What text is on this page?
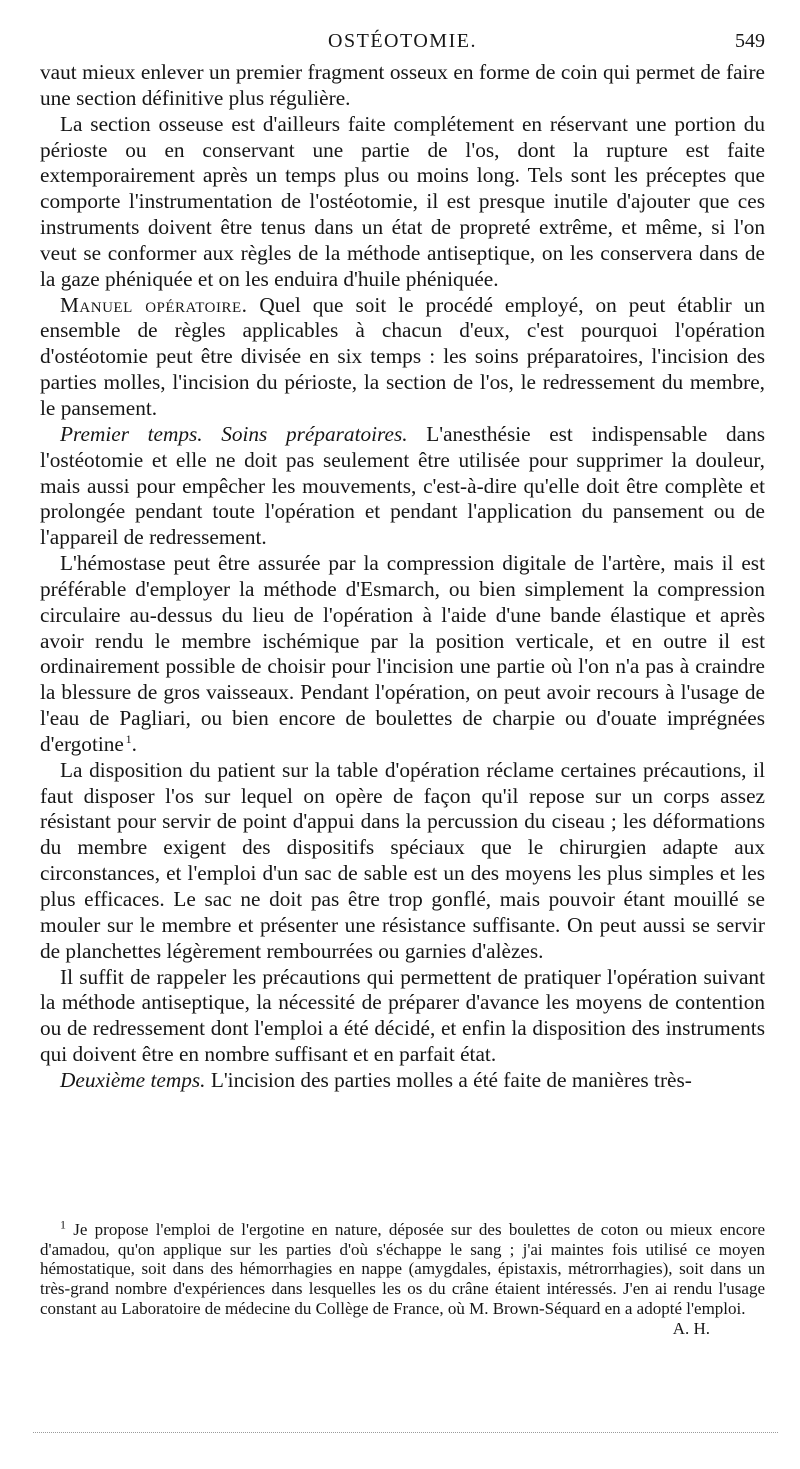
OSTÉOTOMIE.	549

vaut mieux enlever un premier fragment osseux en forme de coin qui permet de faire une section définitive plus régulière.

La section osseuse est d'ailleurs faite complétement en réservant une portion du périoste ou en conservant une partie de l'os, dont la rupture est faite extemporairement après un temps plus ou moins long. Tels sont les préceptes que comporte l'instrumentation de l'ostéotomie, il est presque inutile d'ajouter que ces instruments doivent être tenus dans un état de propreté extrême, et même, si l'on veut se conformer aux règles de la méthode antiseptique, on les conservera dans de la gaze phéniquée et on les enduira d'huile phéniquée.

Manuel opératoire. Quel que soit le procédé employé, on peut établir un ensemble de règles applicables à chacun d'eux, c'est pourquoi l'opération d'ostéotomie peut être divisée en six temps : les soins préparatoires, l'incision des parties molles, l'incision du périoste, la section de l'os, le redressement du membre, le pansement.

Premier temps. Soins préparatoires. L'anesthésie est indispensable dans l'ostéotomie et elle ne doit pas seulement être utilisée pour supprimer la douleur, mais aussi pour empêcher les mouvements, c'est-à-dire qu'elle doit être complète et prolongée pendant toute l'opération et pendant l'application du pansement ou de l'appareil de redressement.

L'hémostase peut être assurée par la compression digitale de l'artère, mais il est préférable d'employer la méthode d'Esmarch, ou bien simplement la compression circulaire au-dessus du lieu de l'opération à l'aide d'une bande élastique et après avoir rendu le membre ischémique par la position verticale, et en outre il est ordinairement possible de choisir pour l'incision une partie où l'on n'a pas à craindre la blessure de gros vaisseaux. Pendant l'opération, on peut avoir recours à l'usage de l'eau de Pagliari, ou bien encore de boulettes de charpie ou d'ouate imprégnées d'ergotine  $^1$.

La disposition du patient sur la table d'opération réclame certaines précautions, il faut disposer l'os sur lequel on opère de façon qu'il repose sur un corps assez résistant pour servir de point d'appui dans la percussion du ciseau ; les déformations du membre exigent des dispositifs spéciaux que le chirurgien adapte aux circonstances, et l'emploi d'un sac de sable est un des moyens les plus simples et les plus efficaces. Le sac ne doit pas être trop gonflé, mais pouvoir étant mouillé se mouler sur le membre et présenter une résistance suffisante. On peut aussi se servir de planchettes légèrement rembourrées ou garnies d'alèzes.

Il suffit de rappeler les précautions qui permettent de pratiquer l'opération suivant la méthode antiseptique, la nécessité de préparer d'avance les moyens de contention ou de redressement dont l'emploi a été décidé, et enfin la disposition des instruments qui doivent être en nombre suffisant et en parfait état.

Deuxième temps. L'incision des parties molles a été faite de manières très-

$^1$ Je propose l'emploi de l'ergotine en nature, déposée sur des boulettes de coton ou mieux encore d'amadou, qu'on applique sur les parties d'où s'échappe le sang ; j'ai maintes fois utilisé ce moyen hémostatique, soit dans des hémorrhagies en nappe (amygdales, épistaxis, métrorrhagies), soit dans un très-grand nombre d'expériences dans lesquelles les os du crâne étaient intéressés. J'en ai rendu l'usage constant au Laboratoire de médecine du Collège de France, où M. Brown-Séquard en a adopté l'emploi.
A. H.
